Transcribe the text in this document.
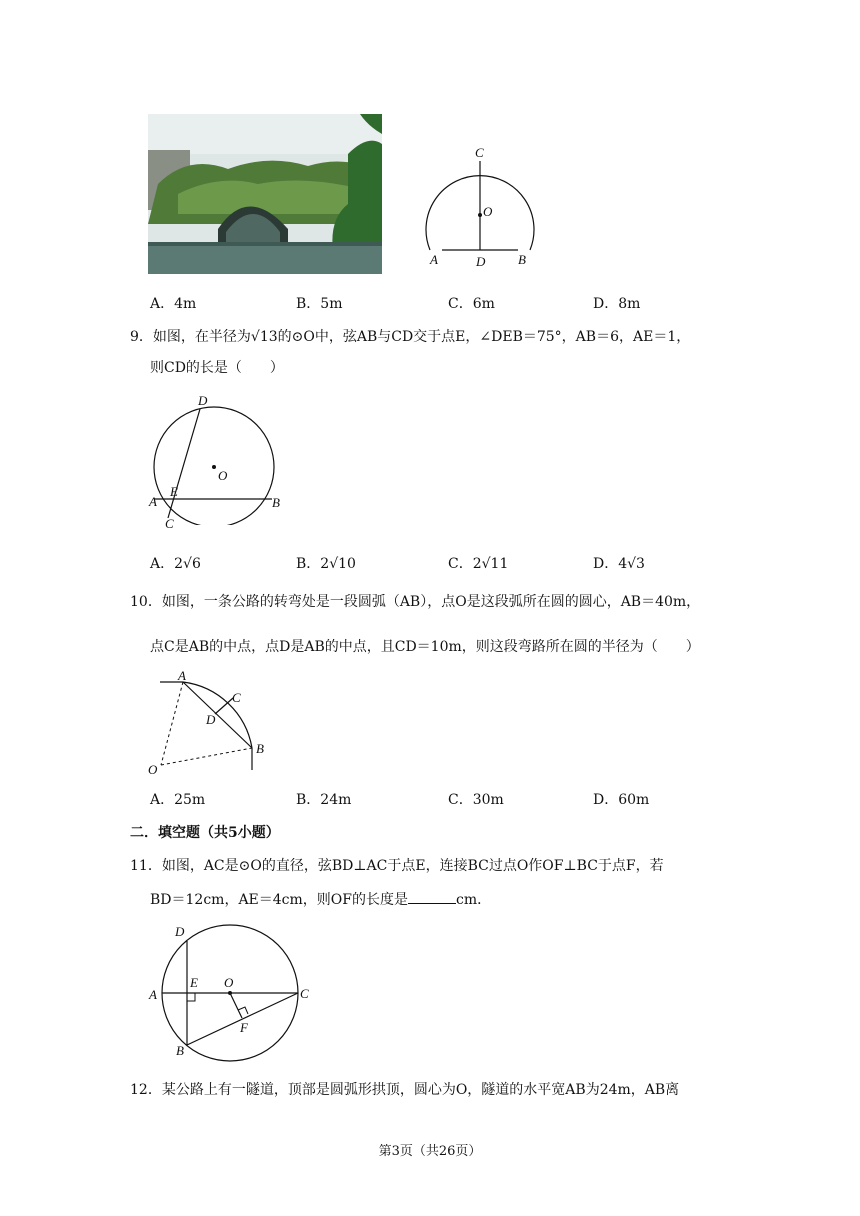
C
O
A	D	B
A．4m	B．5m	C．6m	D．8m
9．如图，在半径为√13的⊙O中，弦AB与CD交于点E，∠DEB＝75°，AB＝6，AE＝1，
则CD的长是（　　）
D
O
A
E
B
C
A．2√6	B．2√10	C．2√11	D．4√3
10．如图，一条公路的转弯处是一段圆弧（AB），点O是这段弧所在圆的圆心，AB＝40m，
点C是AB的中点，点D是AB的中点，且CD＝10m，则这段弯路所在圆的半径为（　　）
A
C
D
B
O
A．25m	B．24m	C．30m	D．60m
二．填空题（共5小题）
11．如图，AC是⊙O的直径，弦BD⊥AC于点E，连接BC过点O作OF⊥BC于点F，若
BD＝12cm，AE＝4cm，则OF的长度是	cm．
D
A
E O
C
F
B
12．某公路上有一隧道，顶部是圆弧形拱顶，圆心为O，隧道的水平宽AB为24m，AB离
第3页（共26页）
